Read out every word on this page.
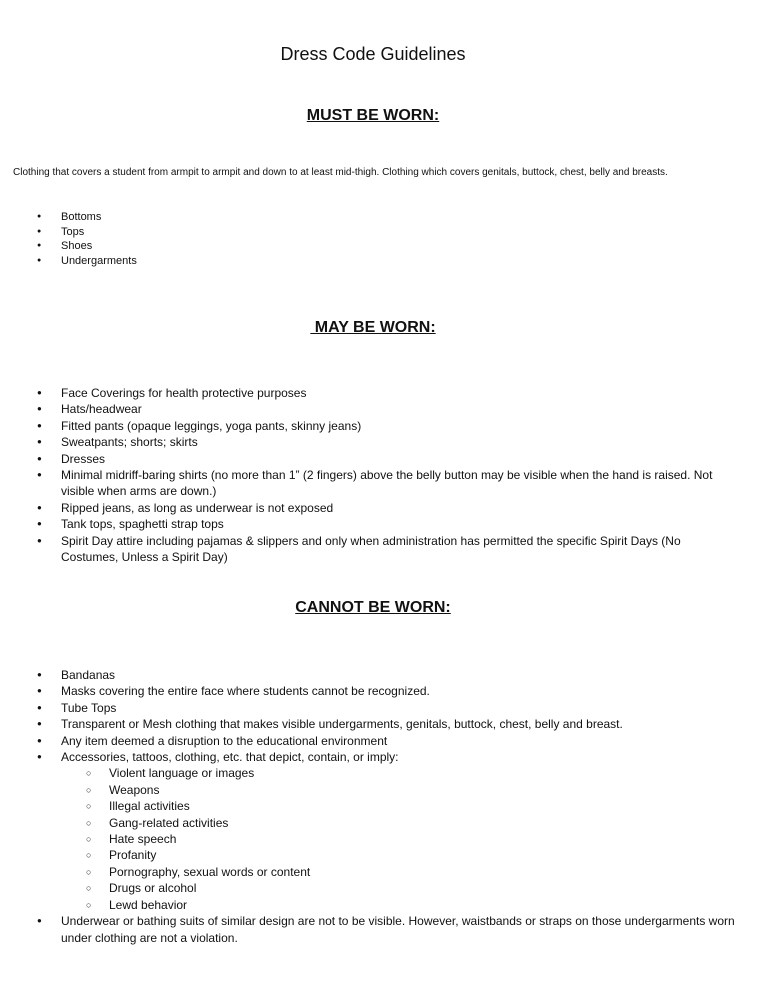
Dress Code Guidelines
MUST BE WORN:

Clothing that covers a student from armpit to armpit and down to at least mid-thigh. Clothing which covers genitals, buttock, chest, belly and breasts.

● Bottoms
● Tops
● Shoes
● Undergarments
MAY BE WORN:
● Face Coverings for health protective purposes
● Hats/headwear
● Fitted pants (opaque leggings, yoga pants, skinny jeans)
● Sweatpants; shorts; skirts
● Dresses
● Minimal midriff-baring shirts (no more than 1” (2 fingers) above the belly button may be visible when the hand is raised. Not visible when arms are down.)
● Ripped jeans, as long as underwear is not exposed
● Tank tops, spaghetti strap tops
● Spirit Day attire including pajamas & slippers and only when administration has permitted the specific Spirit Days (No Costumes, Unless a Spirit Day)
CANNOT BE WORN:
● Bandanas
● Masks covering the entire face where students cannot be recognized.
● Tube Tops
● Transparent or Mesh clothing that makes visible undergarments, genitals, buttock, chest, belly and breast.
● Any item deemed a disruption to the educational environment
● Accessories, tattoos, clothing, etc. that depict, contain, or imply:
○ Violent language or images
○ Weapons
○ Illegal activities
○ Gang-related activities
○ Hate speech
○ Profanity
○ Pornography, sexual words or content
○ Drugs or alcohol
○ Lewd behavior
● Underwear or bathing suits of similar design are not to be visible. However, waistbands or straps on those undergarments worn under clothing are not a violation.
